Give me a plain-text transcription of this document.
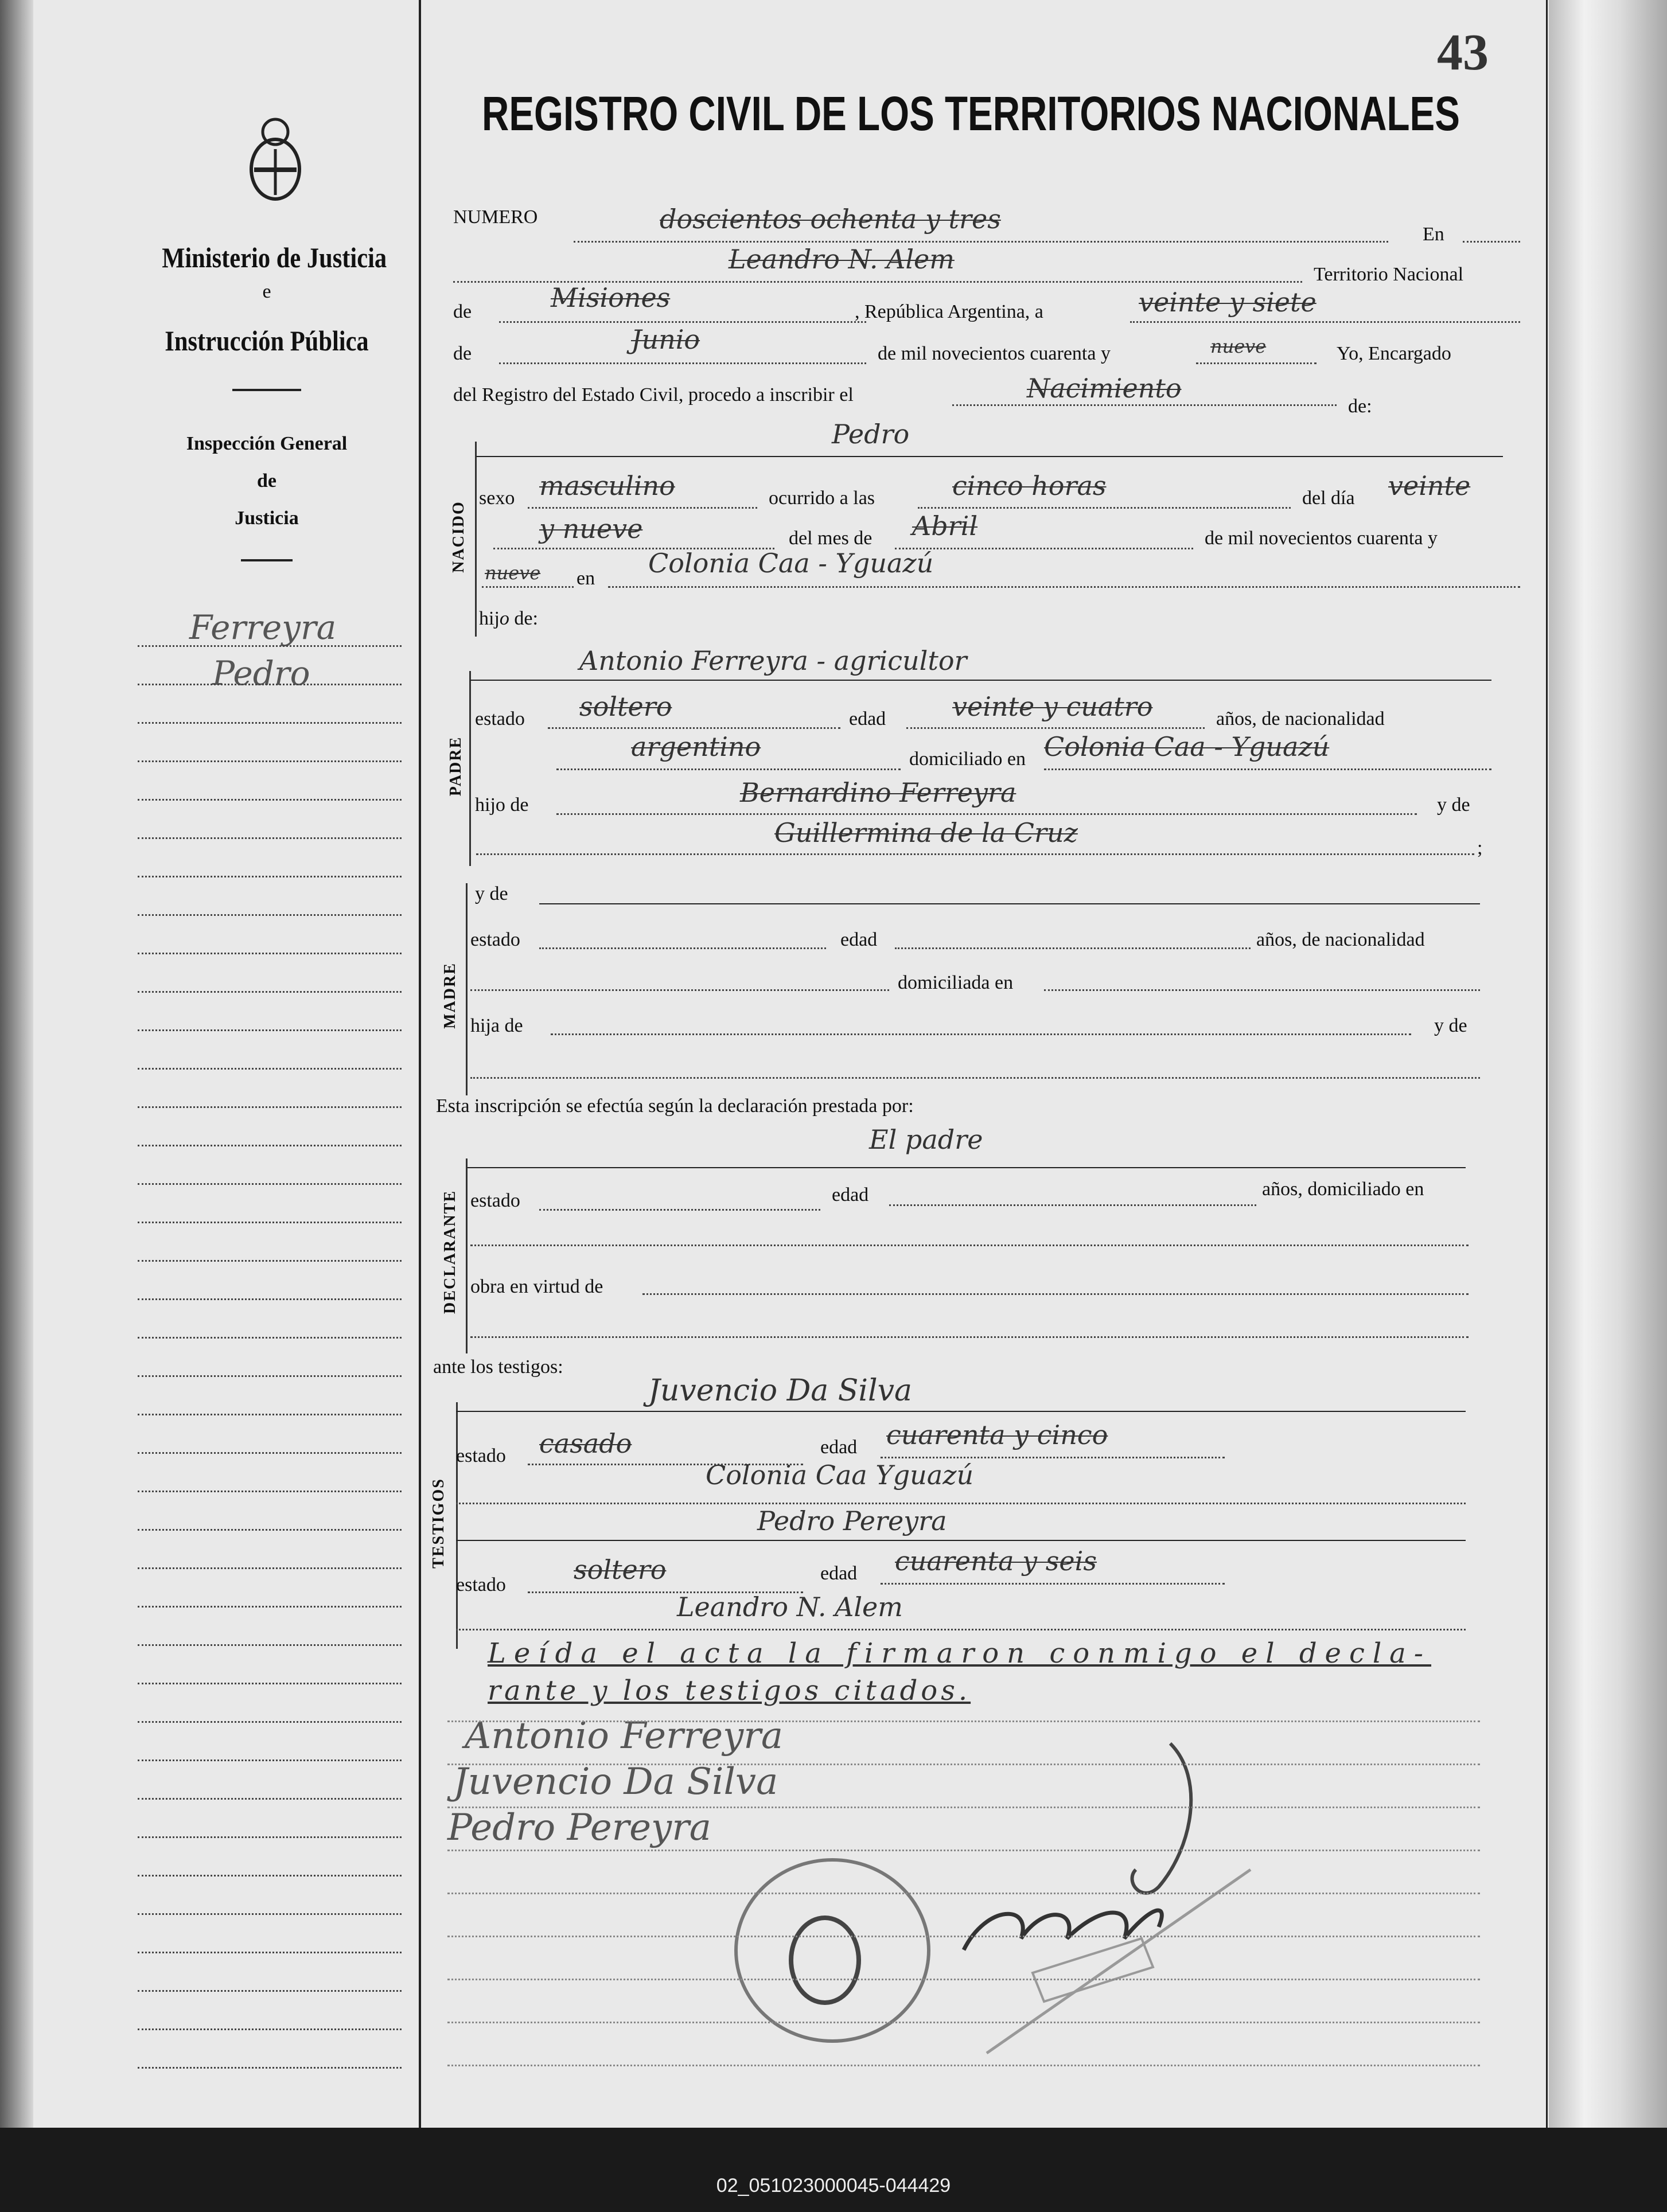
43
REGISTRO CIVIL DE LOS TERRITORIOS NACIONALES
Ministerio de Justicia
e
Instrucción Pública
Inspección General
de
Justicia
Ferreyra
Pedro
NUMERO	doscientos ochenta y tres	En
Leandro N. Alem	Territorio Nacional
de	Misiones	, República Argentina, a	veinte y siete
de	Junio	de mil novecientos cuarenta y	nueve	Yo, Encargado
del Registro del Estado Civil, procedo a inscribir el	Nacimiento
de:
NACIDO
Pedro
sexo masculino	ocurrido a las	cinco horas	del día veinte
y nueve	del mes de Abril	de mil novecientos cuarenta y
nueve en Colonia Caa - Yguazú
hijo de:
PADRE
Antonio Ferreyra - agricultor
estado soltero	edad	veinte y cuatro	años, de nacionalidad
argentino	domiciliado en Colonia Caa - Yguazú
hijo de	Bernardino Ferreyra	y de
Guillermina de la Cruz	;
MADRE
y de
estado	edad	años, de nacionalidad
domiciliada en
hija de	y de
Esta inscripción se efectúa según la declaración prestada por:
El padre
DECLARANTE estado	edad	años, domiciliado en
obra en virtud de
ante los testigos:
TESTIGOS
Juvencio Da Silva
estado casado	edad cuarenta y cinco
Colonia Caa Yguazú
Pedro Pereyra
estado	soltero	edad cuarenta y seis
Leandro N. Alem
Leída el acta la firmaron conmigo el decla-
rante y los testigos citados.
Antonio Ferreyra
Juvencio Da Silva
Pedro Pereyra
02_051023000045-044429
